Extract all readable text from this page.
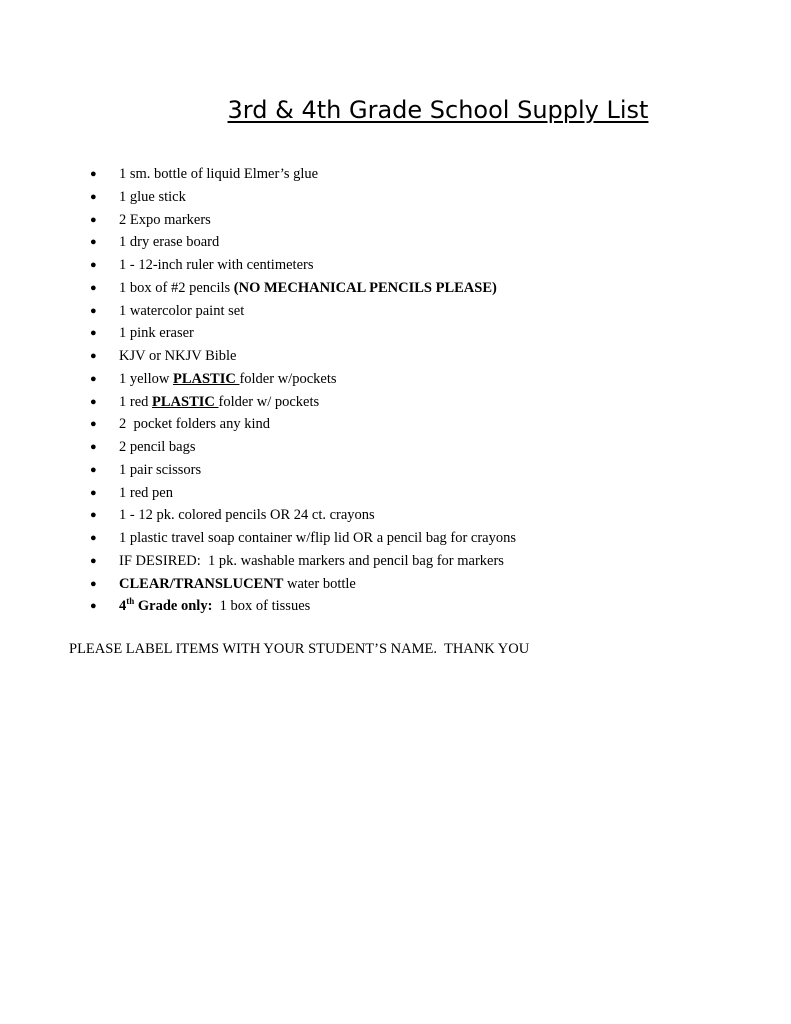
3rd & 4th Grade School Supply List
● 1 sm. bottle of liquid Elmer’s glue
● 1 glue stick
● 2 Expo markers
● 1 dry erase board
● 1 - 12-inch ruler with centimeters
● 1 box of #2 pencils (NO MECHANICAL PENCILS PLEASE)
● 1 watercolor paint set
● 1 pink eraser
● KJV or NKJV Bible
● 1 yellow PLASTIC folder w/pockets
● 1 red PLASTIC folder w/ pockets
● 2  pocket folders any kind
● 2 pencil bags
● 1 pair scissors
● 1 red pen
● 1 - 12 pk. colored pencils OR 24 ct. crayons
● 1 plastic travel soap container w/flip lid OR a pencil bag for crayons
● IF DESIRED:  1 pk. washable markers and pencil bag for markers
● CLEAR/TRANSLUCENT water bottle
● 4th Grade only:  1 box of tissues
PLEASE LABEL ITEMS WITH YOUR STUDENT’S NAME.  THANK YOU
